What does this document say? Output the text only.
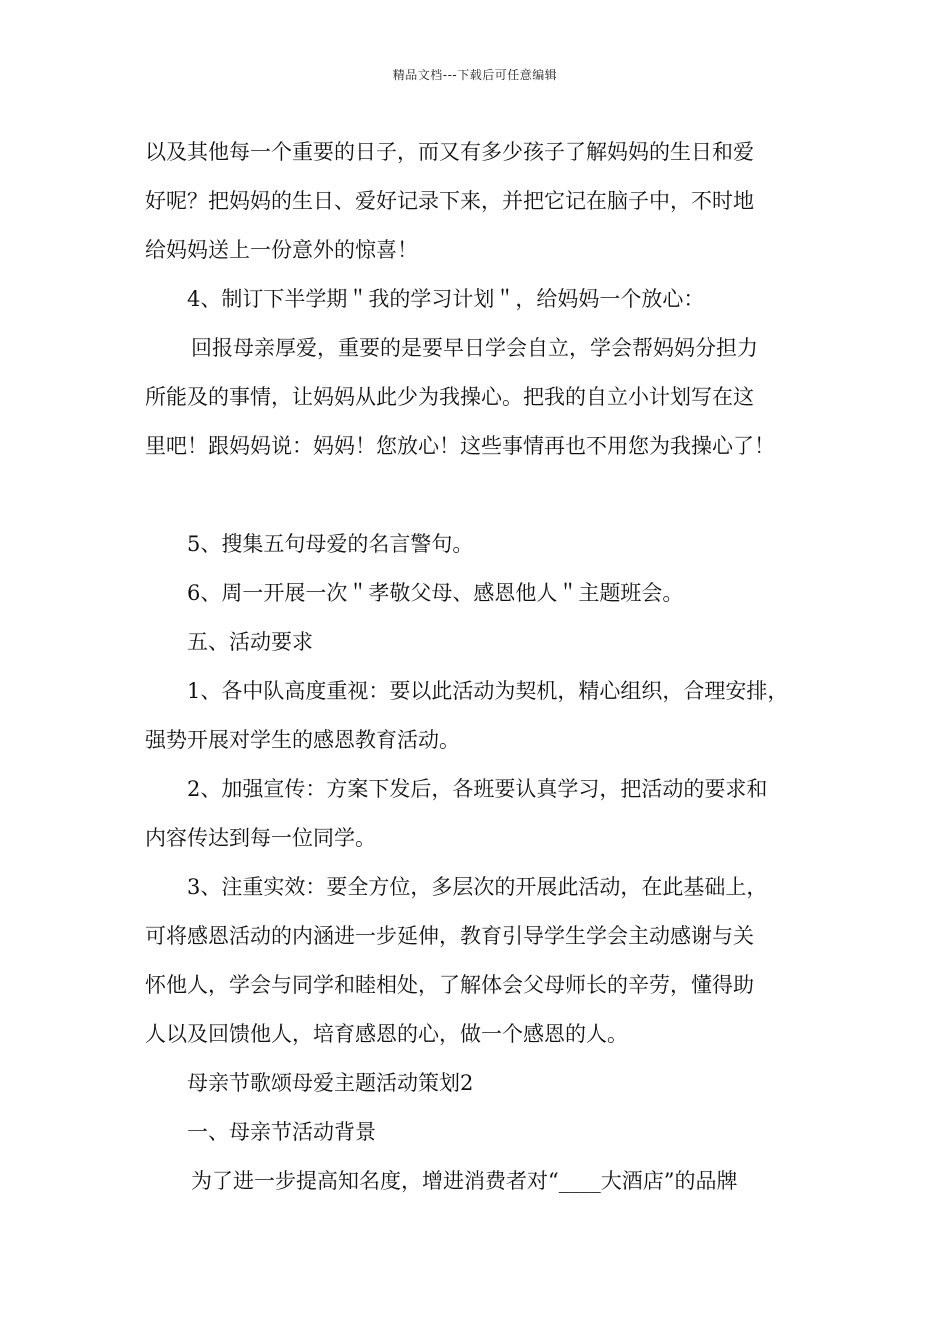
精品文档---下载后可任意编辑
以及其他每一个重要的日子，而又有多少孩子了解妈妈的生日和爱
好呢？把妈妈的生日、爱好记录下来，并把它记在脑子中，不时地
给妈妈送上一份意外的惊喜！
4、制订下半学期＂我的学习计划＂，给妈妈一个放心：
回报母亲厚爱，重要的是要早日学会自立，学会帮妈妈分担力
所能及的事情，让妈妈从此少为我操心。把我的自立小计划写在这
里吧！跟妈妈说：妈妈！您放心！这些事情再也不用您为我操心了！
5、搜集五句母爱的名言警句。
6、周一开展一次＂孝敬父母、感恩他人＂主题班会。
五、活动要求
1、各中队高度重视：要以此活动为契机，精心组织，合理安排，
强势开展对学生的感恩教育活动。
2、加强宣传：方案下发后，各班要认真学习，把活动的要求和
内容传达到每一位同学。
3、注重实效：要全方位，多层次的开展此活动，在此基础上，
可将感恩活动的内涵进一步延伸，教育引导学生学会主动感谢与关
怀他人，学会与同学和睦相处，了解体会父母师长的辛劳，懂得助
人以及回馈他人，培育感恩的心，做一个感恩的人。
母亲节歌颂母爱主题活动策划2
一、母亲节活动背景
为了进一步提高知名度，增进消费者对“____大酒店”的品牌
